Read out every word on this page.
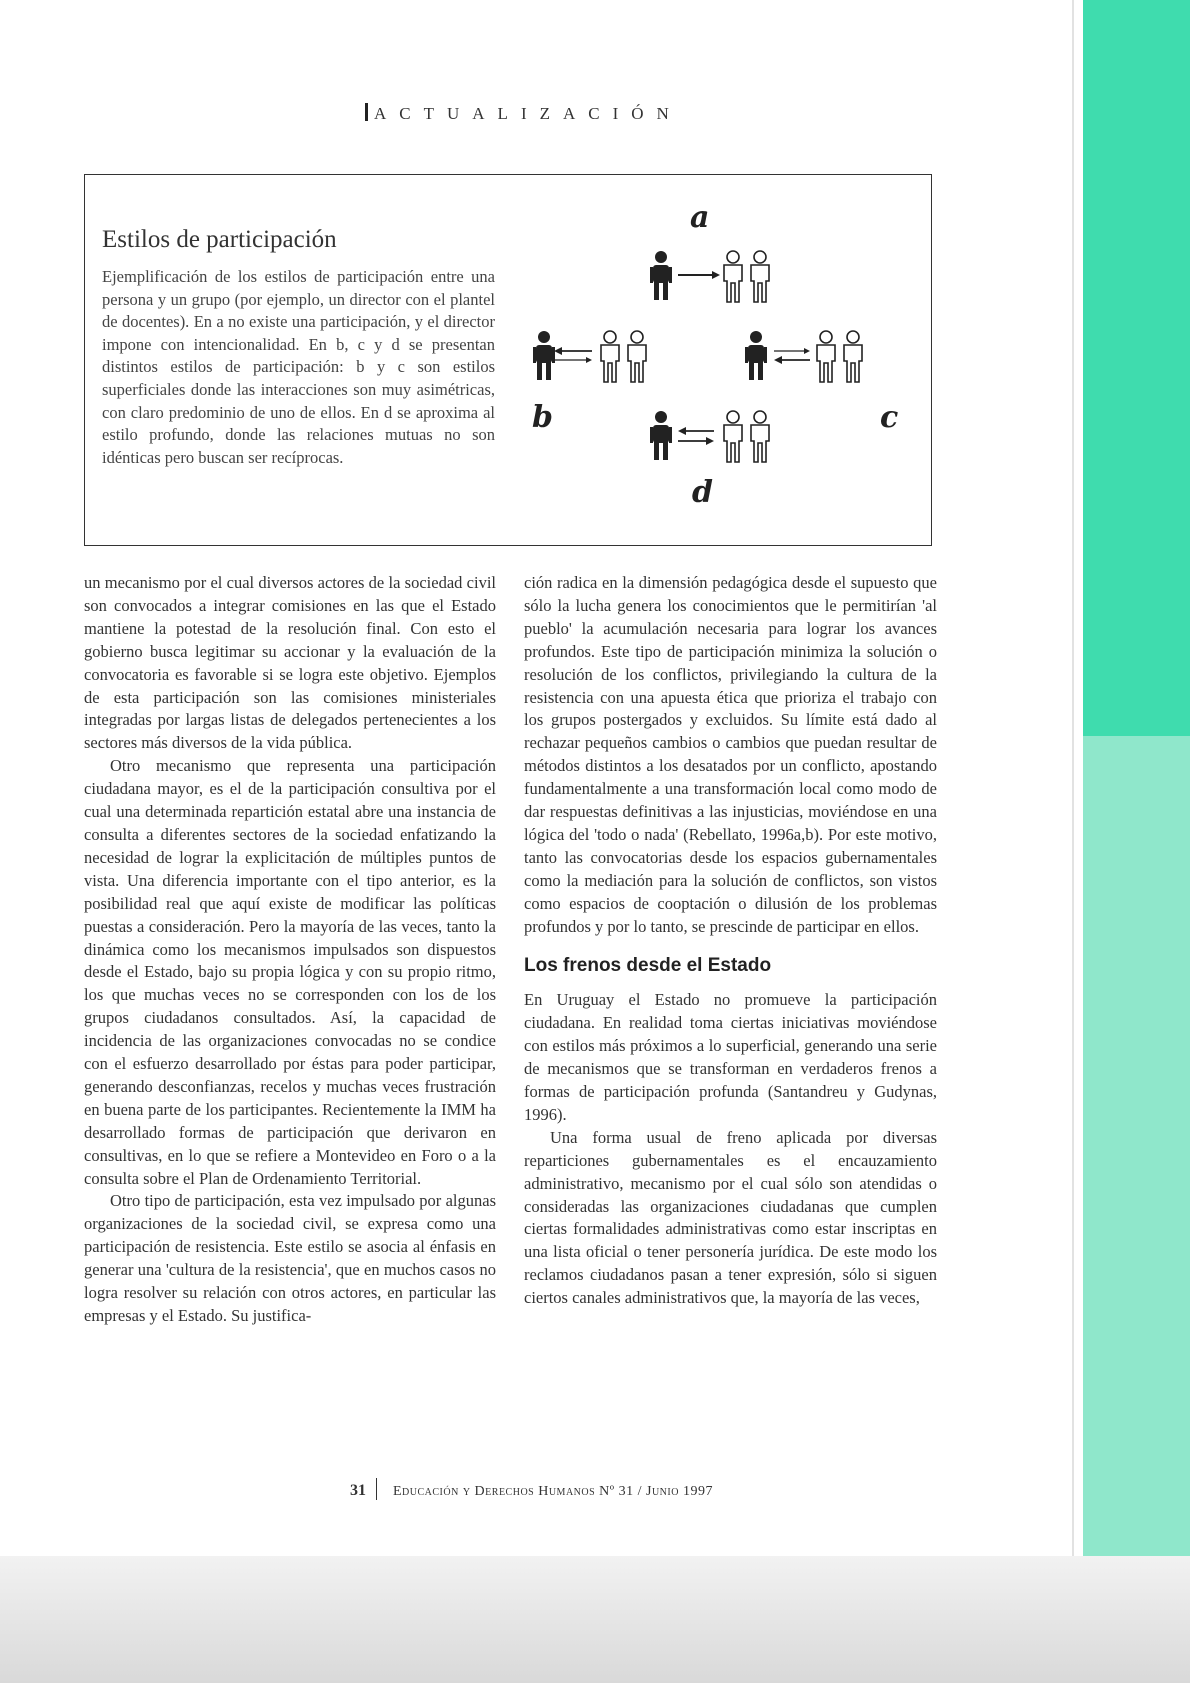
ACTUALIZACIÓN
Estilos de participación
Ejemplificación de los estilos de participación entre una persona y un grupo (por ejemplo, un director con el plantel de docentes). En a no existe una participación, y el director impone con intencionalidad. En b, c y d se presentan distintos estilos de participación: b y c son estilos superficiales donde las interacciones son muy asimétricas, con claro predominio de uno de ellos. En d se aproxima al estilo profundo, donde las relaciones mutuas no son idénticas pero buscan ser recíprocas.
a
b	c
d

un mecanismo por el cual diversos actores de la sociedad civil son convocados a integrar comisiones en las que el Estado mantiene la potestad de la resolución final. Con esto el gobierno busca legitimar su accionar y la evaluación de la convocatoria es favorable si se logra este objetivo. Ejemplos de esta participación son las comisiones ministeriales integradas por largas listas de delegados pertenecientes a los sectores más diversos de la vida pública.

Otro mecanismo que representa una participación ciudadana mayor, es el de la participación consultiva por el cual una determinada repartición estatal abre una instancia de consulta a diferentes sectores de la sociedad enfatizando la necesidad de lograr la explicitación de múltiples puntos de vista. Una diferencia importante con el tipo anterior, es la posibilidad real que aquí existe de modificar las políticas puestas a consideración. Pero la mayoría de las veces, tanto la dinámica como los mecanismos impulsados son dispuestos desde el Estado, bajo su propia lógica y con su propio ritmo, los que muchas veces no se corresponden con los de los grupos ciudadanos consultados. Así, la capacidad de incidencia de las organizaciones convocadas no se condice con el esfuerzo desarrollado por éstas para poder participar, generando desconfianzas, recelos y muchas veces frustración en buena parte de los participantes. Recientemente la IMM ha desarrollado formas de participación que derivaron en consultivas, en lo que se refiere a Montevideo en Foro o a la consulta sobre el Plan de Ordenamiento Territorial.

Otro tipo de participación, esta vez impulsado por algunas organizaciones de la sociedad civil, se expresa como una participación de resistencia. Este estilo se asocia al énfasis en generar una 'cultura de la resistencia', que en muchos casos no logra resolver su relación con otros actores, en particular las empresas y el Estado. Su justifica-

ción radica en la dimensión pedagógica desde el supuesto que sólo la lucha genera los conocimientos que le permitirían 'al pueblo' la acumulación necesaria para lograr los avances profundos. Este tipo de participación minimiza la solución o resolución de los conflictos, privilegiando la cultura de la resistencia con una apuesta ética que prioriza el trabajo con los grupos postergados y excluidos. Su límite está dado al rechazar pequeños cambios o cambios que puedan resultar de métodos distintos a los desatados por un conflicto, apostando fundamentalmente a una transformación local como modo de dar respuestas definitivas a las injusticias, moviéndose en una lógica del 'todo o nada' (Rebellato, 1996a,b). Por este motivo, tanto las convocatorias desde los espacios gubernamentales como la mediación para la solución de conflictos, son vistos como espacios de cooptación o dilusión de los problemas profundos y por lo tanto, se prescinde de participar en ellos.

Los frenos desde el Estado

En Uruguay el Estado no promueve la participación ciudadana. En realidad toma ciertas iniciativas moviéndose con estilos más próximos a lo superficial, generando una serie de mecanismos que se transforman en verdaderos frenos a formas de participación profunda (Santandreu y Gudynas, 1996).

Una forma usual de freno aplicada por diversas reparticiones gubernamentales es el encauzamiento administrativo, mecanismo por el cual sólo son atendidas o consideradas las organizaciones ciudadanas que cumplen ciertas formalidades administrativas como estar inscriptas en una lista oficial o tener personería jurídica. De este modo los reclamos ciudadanos pasan a tener expresión, sólo si siguen ciertos canales administrativos que, la mayoría de las veces,

31 Educación y Derechos Humanos Nº 31 / Junio 1997
